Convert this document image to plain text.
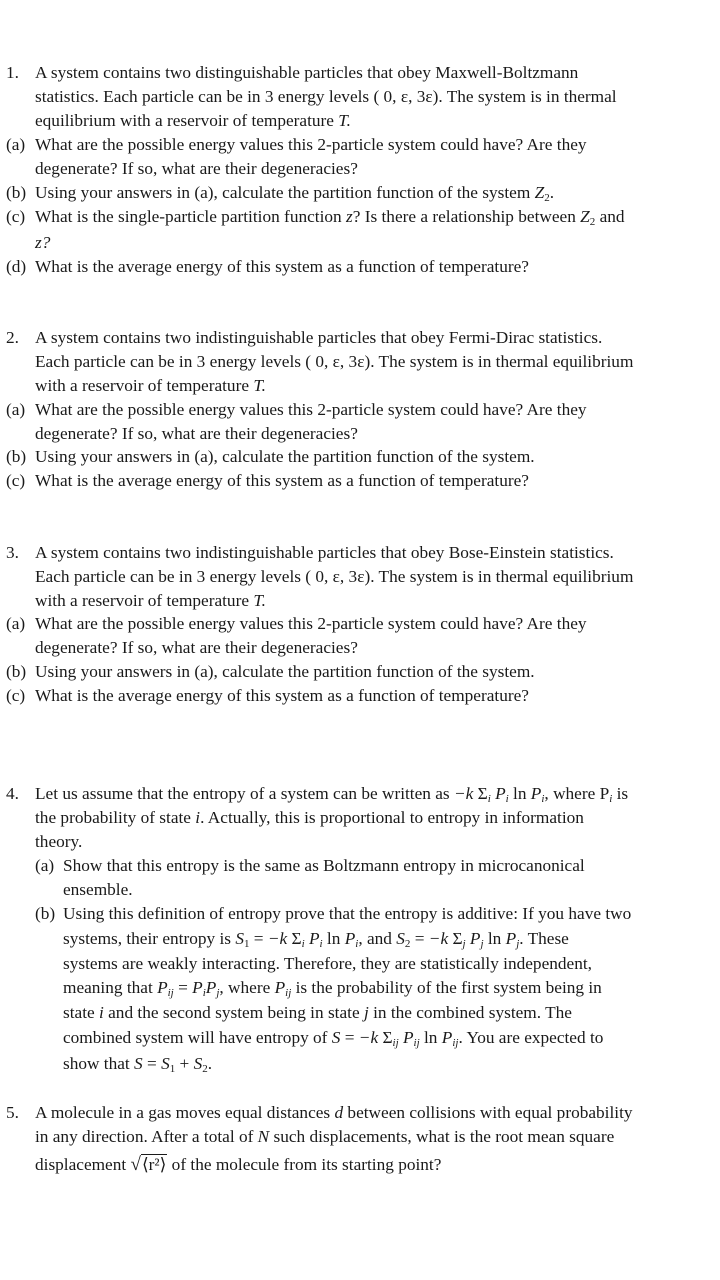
1. A system contains two distinguishable particles that obey Maxwell-Boltzmann
statistics. Each particle can be in 3 energy levels ( 0, ε, 3ε). The system is in thermal
equilibrium with a reservoir of temperature T.
(a) What are the possible energy values this 2-particle system could have? Are they
degenerate? If so, what are their degeneracies?
(b) Using your answers in (a), calculate the partition function of the system $Z_2$.
(c) What is the single-particle partition function z? Is there a relationship between $Z_2$ and
z?
(d) What is the average energy of this system as a function of temperature?
2. A system contains two indistinguishable particles that obey Fermi-Dirac statistics.
Each particle can be in 3 energy levels ( 0, ε, 3ε). The system is in thermal equilibrium
with a reservoir of temperature T.
(a) What are the possible energy values this 2-particle system could have? Are they
degenerate? If so, what are their degeneracies?
(b) Using your answers in (a), calculate the partition function of the system.
(c) What is the average energy of this system as a function of temperature?
3. A system contains two indistinguishable particles that obey Bose-Einstein statistics.
Each particle can be in 3 energy levels ( 0, ε, 3ε). The system is in thermal equilibrium
with a reservoir of temperature T.
(a) What are the possible energy values this 2-particle system could have? Are they
degenerate? If so, what are their degeneracies?
(b) Using your answers in (a), calculate the partition function of the system.
(c) What is the average energy of this system as a function of temperature?
4. Let us assume that the entropy of a system can be written as −k $\Sigma_i$ $P_i$ $\ln P_i$, where $P_i$ is
the probability of state i. Actually, this is proportional to entropy in information
theory.
(a) Show that this entropy is the same as Boltzmann entropy in microcanonical
ensemble.
(b) Using this definition of entropy prove that the entropy is additive: If you have two
systems, their entropy is $S_1 = -k$ $\Sigma_i$ $P_i$ $\ln P_i$, and $S_2 = -k$ $\Sigma_j$ $P_j$ $\ln P_j$. These
systems are weakly interacting. Therefore, they are statistically independent,
meaning that $P_{ij} = P_iP_j$, where $P_{ij}$ is the probability of the first system being in
state i and the second system being in state j in the combined system. The
combined system will have entropy of S = −k $\Sigma_{ij}$ $P_{ij}$ $\ln P_{ij}$. You are expected to
show that $S = S_1 + S_2$.
5. A molecule in a gas moves equal distances d between collisions with equal probability
in any direction. After a total of N such displacements, what is the root mean square
displacement √⟨r²⟩ of the molecule from its starting point?
